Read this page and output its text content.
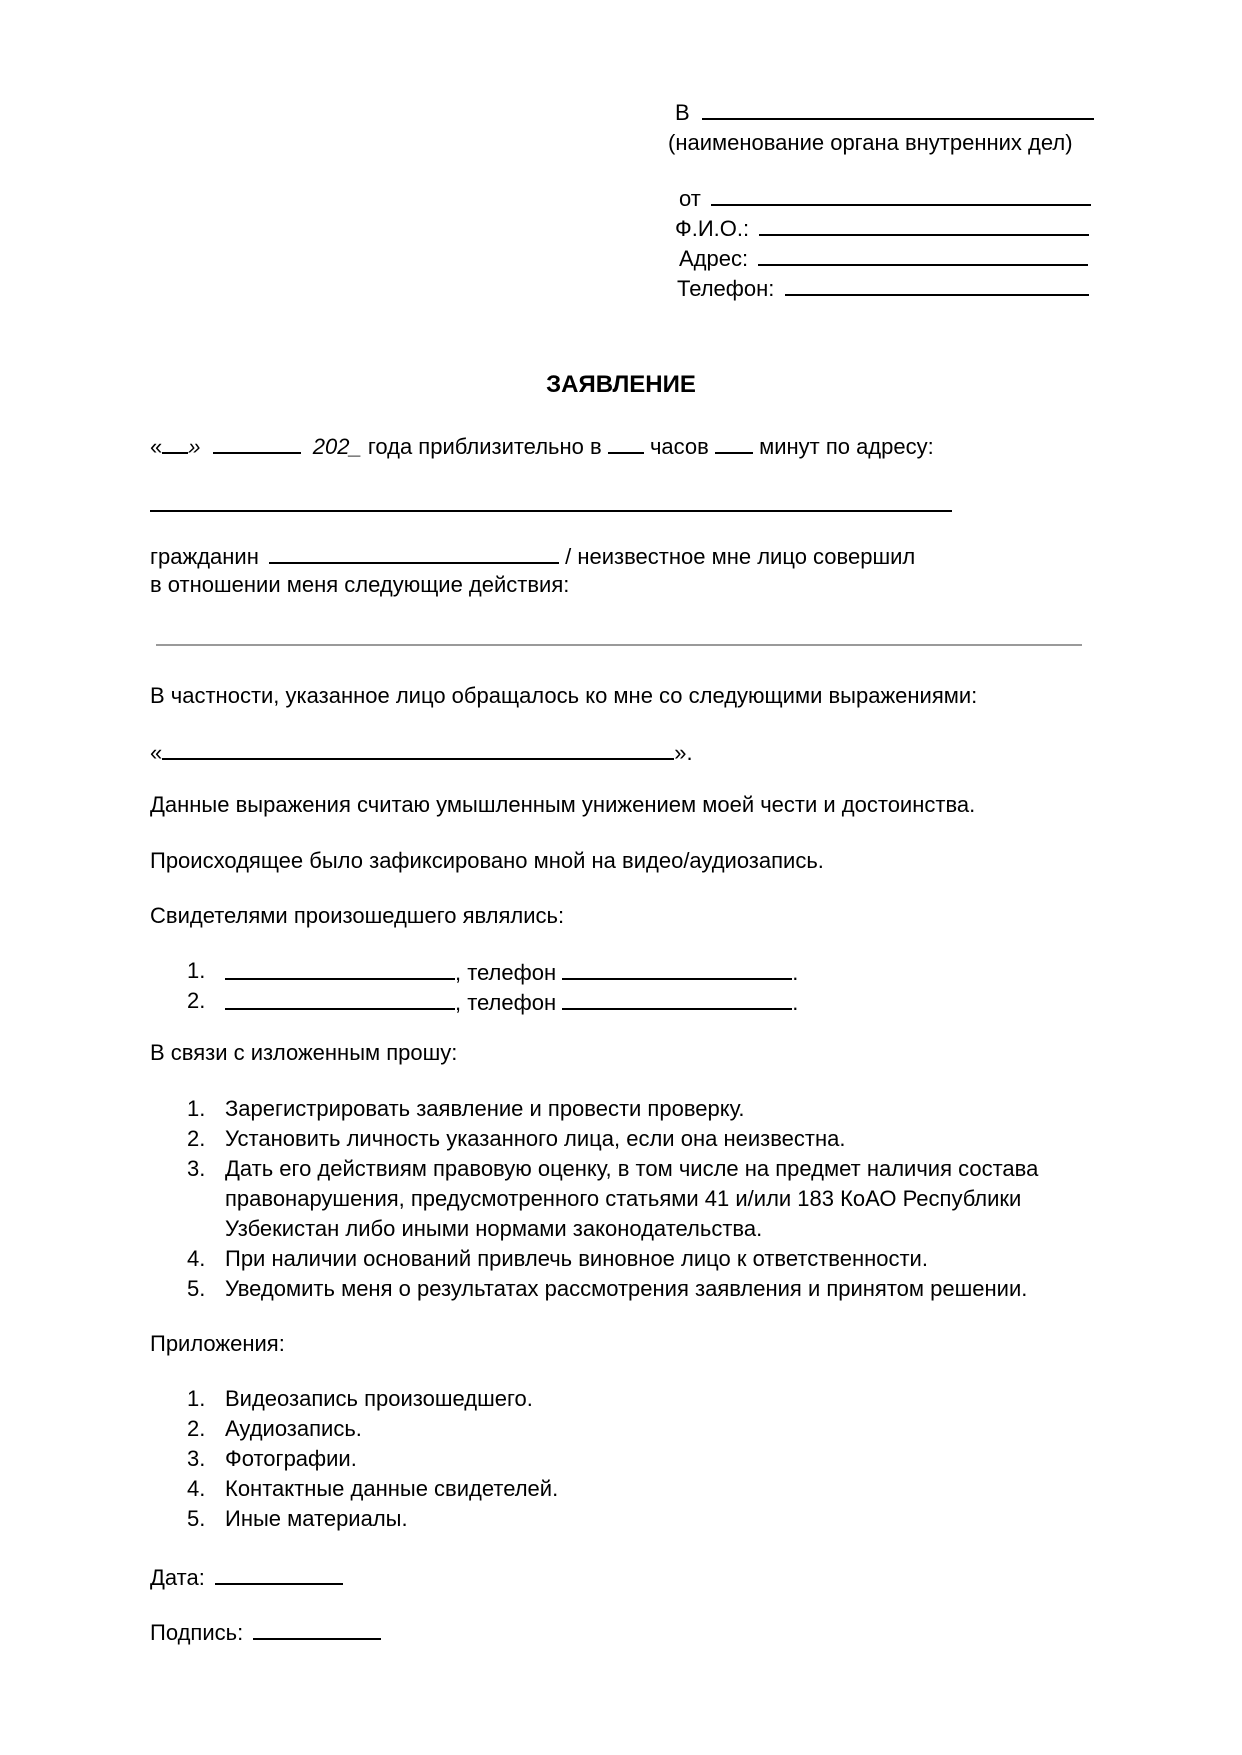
В
(наименование органа внутренних дел)
от
Ф.И.О.:
Адрес:
Телефон:
ЗАЯВЛЕНИЕ
« »	202_ года приблизительно в часов минут по адресу:
гражданин	/ неизвестное мне лицо совершил
в отношении меня следующие действия:
В частности, указанное лицо обращалось ко мне со следующими выражениями:
«	».
Данные выражения считаю умышленным унижением моей чести и достоинства.
Происходящее было зафиксировано мной на видео/аудиозапись.
Свидетелями произошедшего являлись:
1.	, телефон	.
2.	, телефон	.
В связи с изложенным прошу:
1. Зарегистрировать заявление и провести проверку.
2. Установить личность указанного лица, если она неизвестна.
3. Дать его действиям правовую оценку, в том числе на предмет наличия состава
правонарушения, предусмотренного статьями 41 и/или 183 КоАО Республики
Узбекистан либо иными нормами законодательства.
4. При наличии оснований привлечь виновное лицо к ответственности.
5. Уведомить меня о результатах рассмотрения заявления и принятом решении.
Приложения:
1. Видеозапись произошедшего.
2. Аудиозапись.
3. Фотографии.
4. Контактные данные свидетелей.
5. Иные материалы.
Дата:
Подпись:
